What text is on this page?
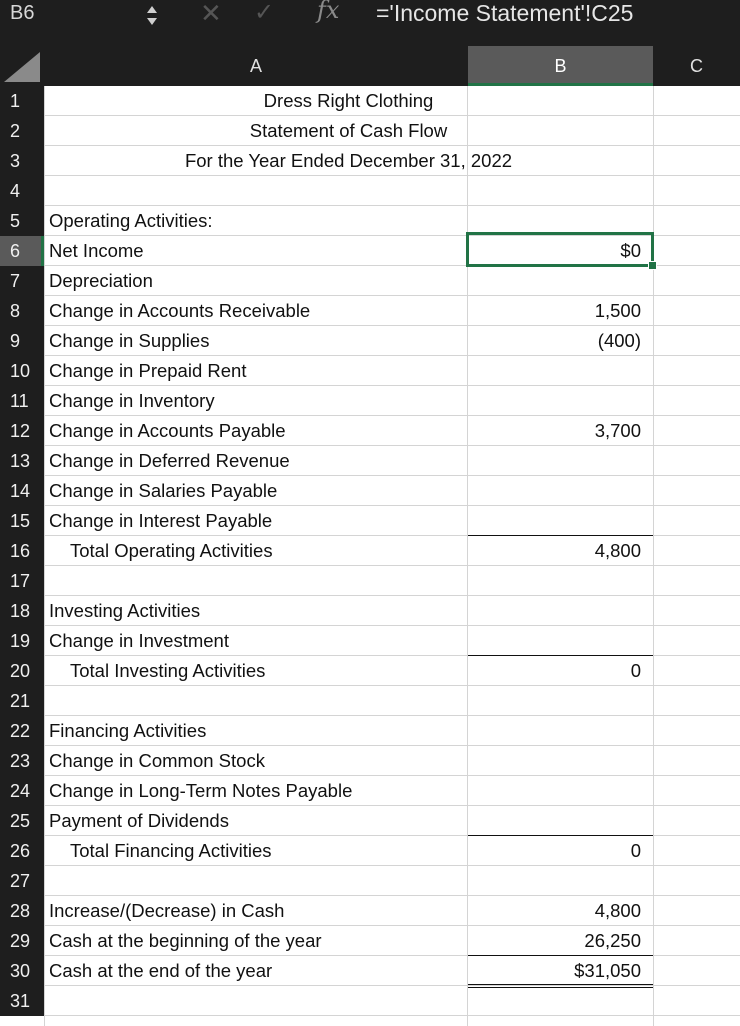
B6	✕ ✓ fx ='Income Statement'!C25
A	B	C
1	Dress Right Clothing
2	Statement of Cash Flow
3	For the Year Ended December 31, 2022
4
5	Operating Activities:
6	Net Income	$0
7	Depreciation
8	Change in Accounts Receivable	1,500
9	Change in Supplies	(400)
10	Change in Prepaid Rent
11	Change in Inventory
12	Change in Accounts Payable	3,700
13	Change in Deferred Revenue
14	Change in Salaries Payable
15	Change in Interest Payable
16	Total Operating Activities	4,800
17
18	Investing Activities
19	Change in Investment
20	Total Investing Activities	0
21
22	Financing Activities
23	Change in Common Stock
24	Change in Long-Term Notes Payable
25	Payment of Dividends
26	Total Financing Activities	0
27
28	Increase/(Decrease) in Cash	4,800
29	Cash at the beginning of the year	26,250
30	Cash at the end of the year	$31,050
31
